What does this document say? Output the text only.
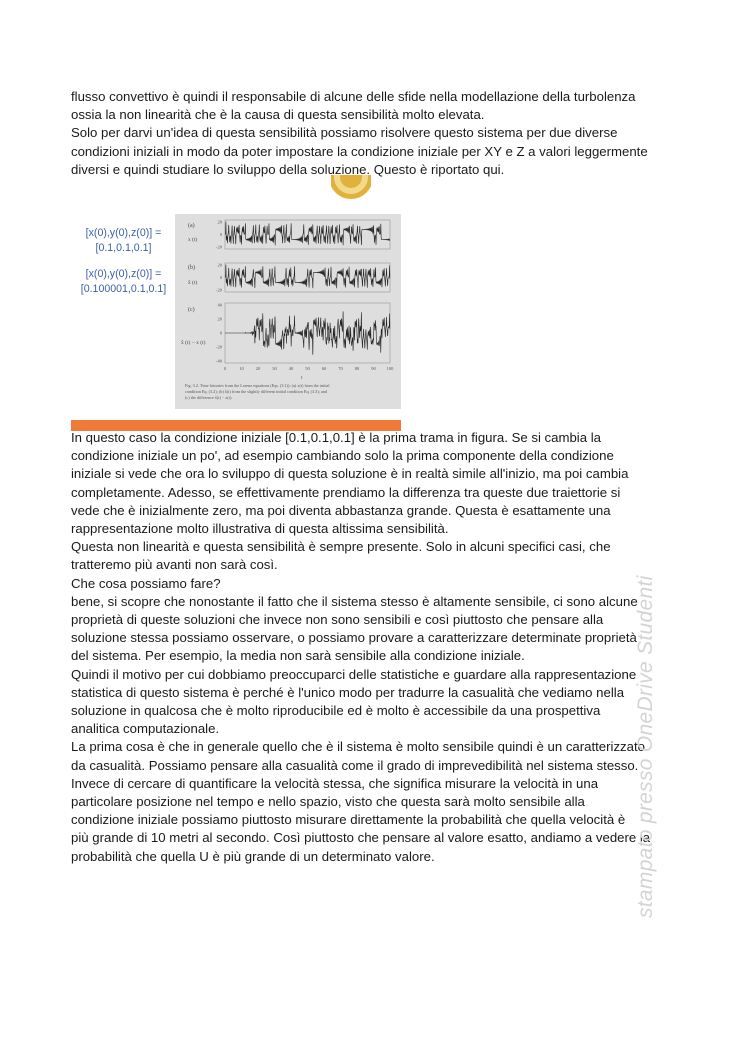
flusso convettivo è quindi il responsabile di alcune delle sfide nella modellazione della turbolenza
ossia la non linearità che è la causa di questa sensibilità molto elevata.
Solo per darvi un'idea di questa sensibilità possiamo risolvere questo sistema per due diverse
condizioni iniziali in modo da poter impostare la condizione iniziale per XY e Z a valori leggermente
diversi e quindi studiare lo sviluppo della soluzione. Questo è riportato qui.
[x(0),y(0),z(0)] =
[0.1,0.1,0.1]
[x(0),y(0),z(0)] =
[0.100001,0.1,0.1]
(a)
(b)
(c)
x (t)
x̂ (t)
x̂ (t) − x (t)
20
0
-20
20
0
-20
40
20
0
-20
-40
0	10	20	30	40	50	60	70	80	90 100
t
Fig. 3.2. Time histories from the Lorenz equations (Eqs. (3.1)): (a) x(t) from the initial
condition Eq. (3.2); (b) x̂(t) from the slightly different initial condition Eq. (3.3); and
(c) the difference x̂(t) − x(t).
In questo caso la condizione iniziale [0.1,0.1,0.1] è la prima trama in figura. Se si cambia la
condizione iniziale un po', ad esempio cambiando solo la prima componente della condizione
iniziale si vede che ora lo sviluppo di questa soluzione è in realtà simile all'inizio, ma poi cambia
completamente. Adesso, se effettivamente prendiamo la differenza tra queste due traiettorie si
vede che è inizialmente zero, ma poi diventa abbastanza grande. Questa è esattamente una
rappresentazione molto illustrativa di questa altissima sensibilità.
Questa non linearità e questa sensibilità è sempre presente. Solo in alcuni specifici casi, che
tratteremo più avanti non sarà così.
Che cosa possiamo fare?
bene, si scopre che nonostante il fatto che il sistema stesso è altamente sensibile, ci sono alcune
proprietà di queste soluzioni che invece non sono sensibili e così piuttosto che pensare alla
soluzione stessa possiamo osservare, o possiamo provare a caratterizzare determinate proprietà
del sistema. Per esempio, la media non sarà sensibile alla condizione iniziale.
Quindi il motivo per cui dobbiamo preoccuparci delle statistiche e guardare alla rappresentazione
statistica di questo sistema è perché è l'unico modo per tradurre la casualità che vediamo nella
soluzione in qualcosa che è molto riproducibile ed è molto è accessibile da una prospettiva
analitica computazionale.
La prima cosa è che in generale quello che è il sistema è molto sensibile quindi è un caratterizzato
da casualità. Possiamo pensare alla casualità come il grado di imprevedibilità nel sistema stesso.
Invece di cercare di quantificare la velocità stessa, che significa misurare la velocità in una
particolare posizione nel tempo e nello spazio, visto che questa sarà molto sensibile alla
condizione iniziale possiamo piuttosto misurare direttamente la probabilità che quella velocità è
più grande di 10 metri al secondo. Così piuttosto che pensare al valore esatto, andiamo a vedere la
probabilità che quella U è più grande di un determinato valore.	stampato presso OneDrive Studenti
